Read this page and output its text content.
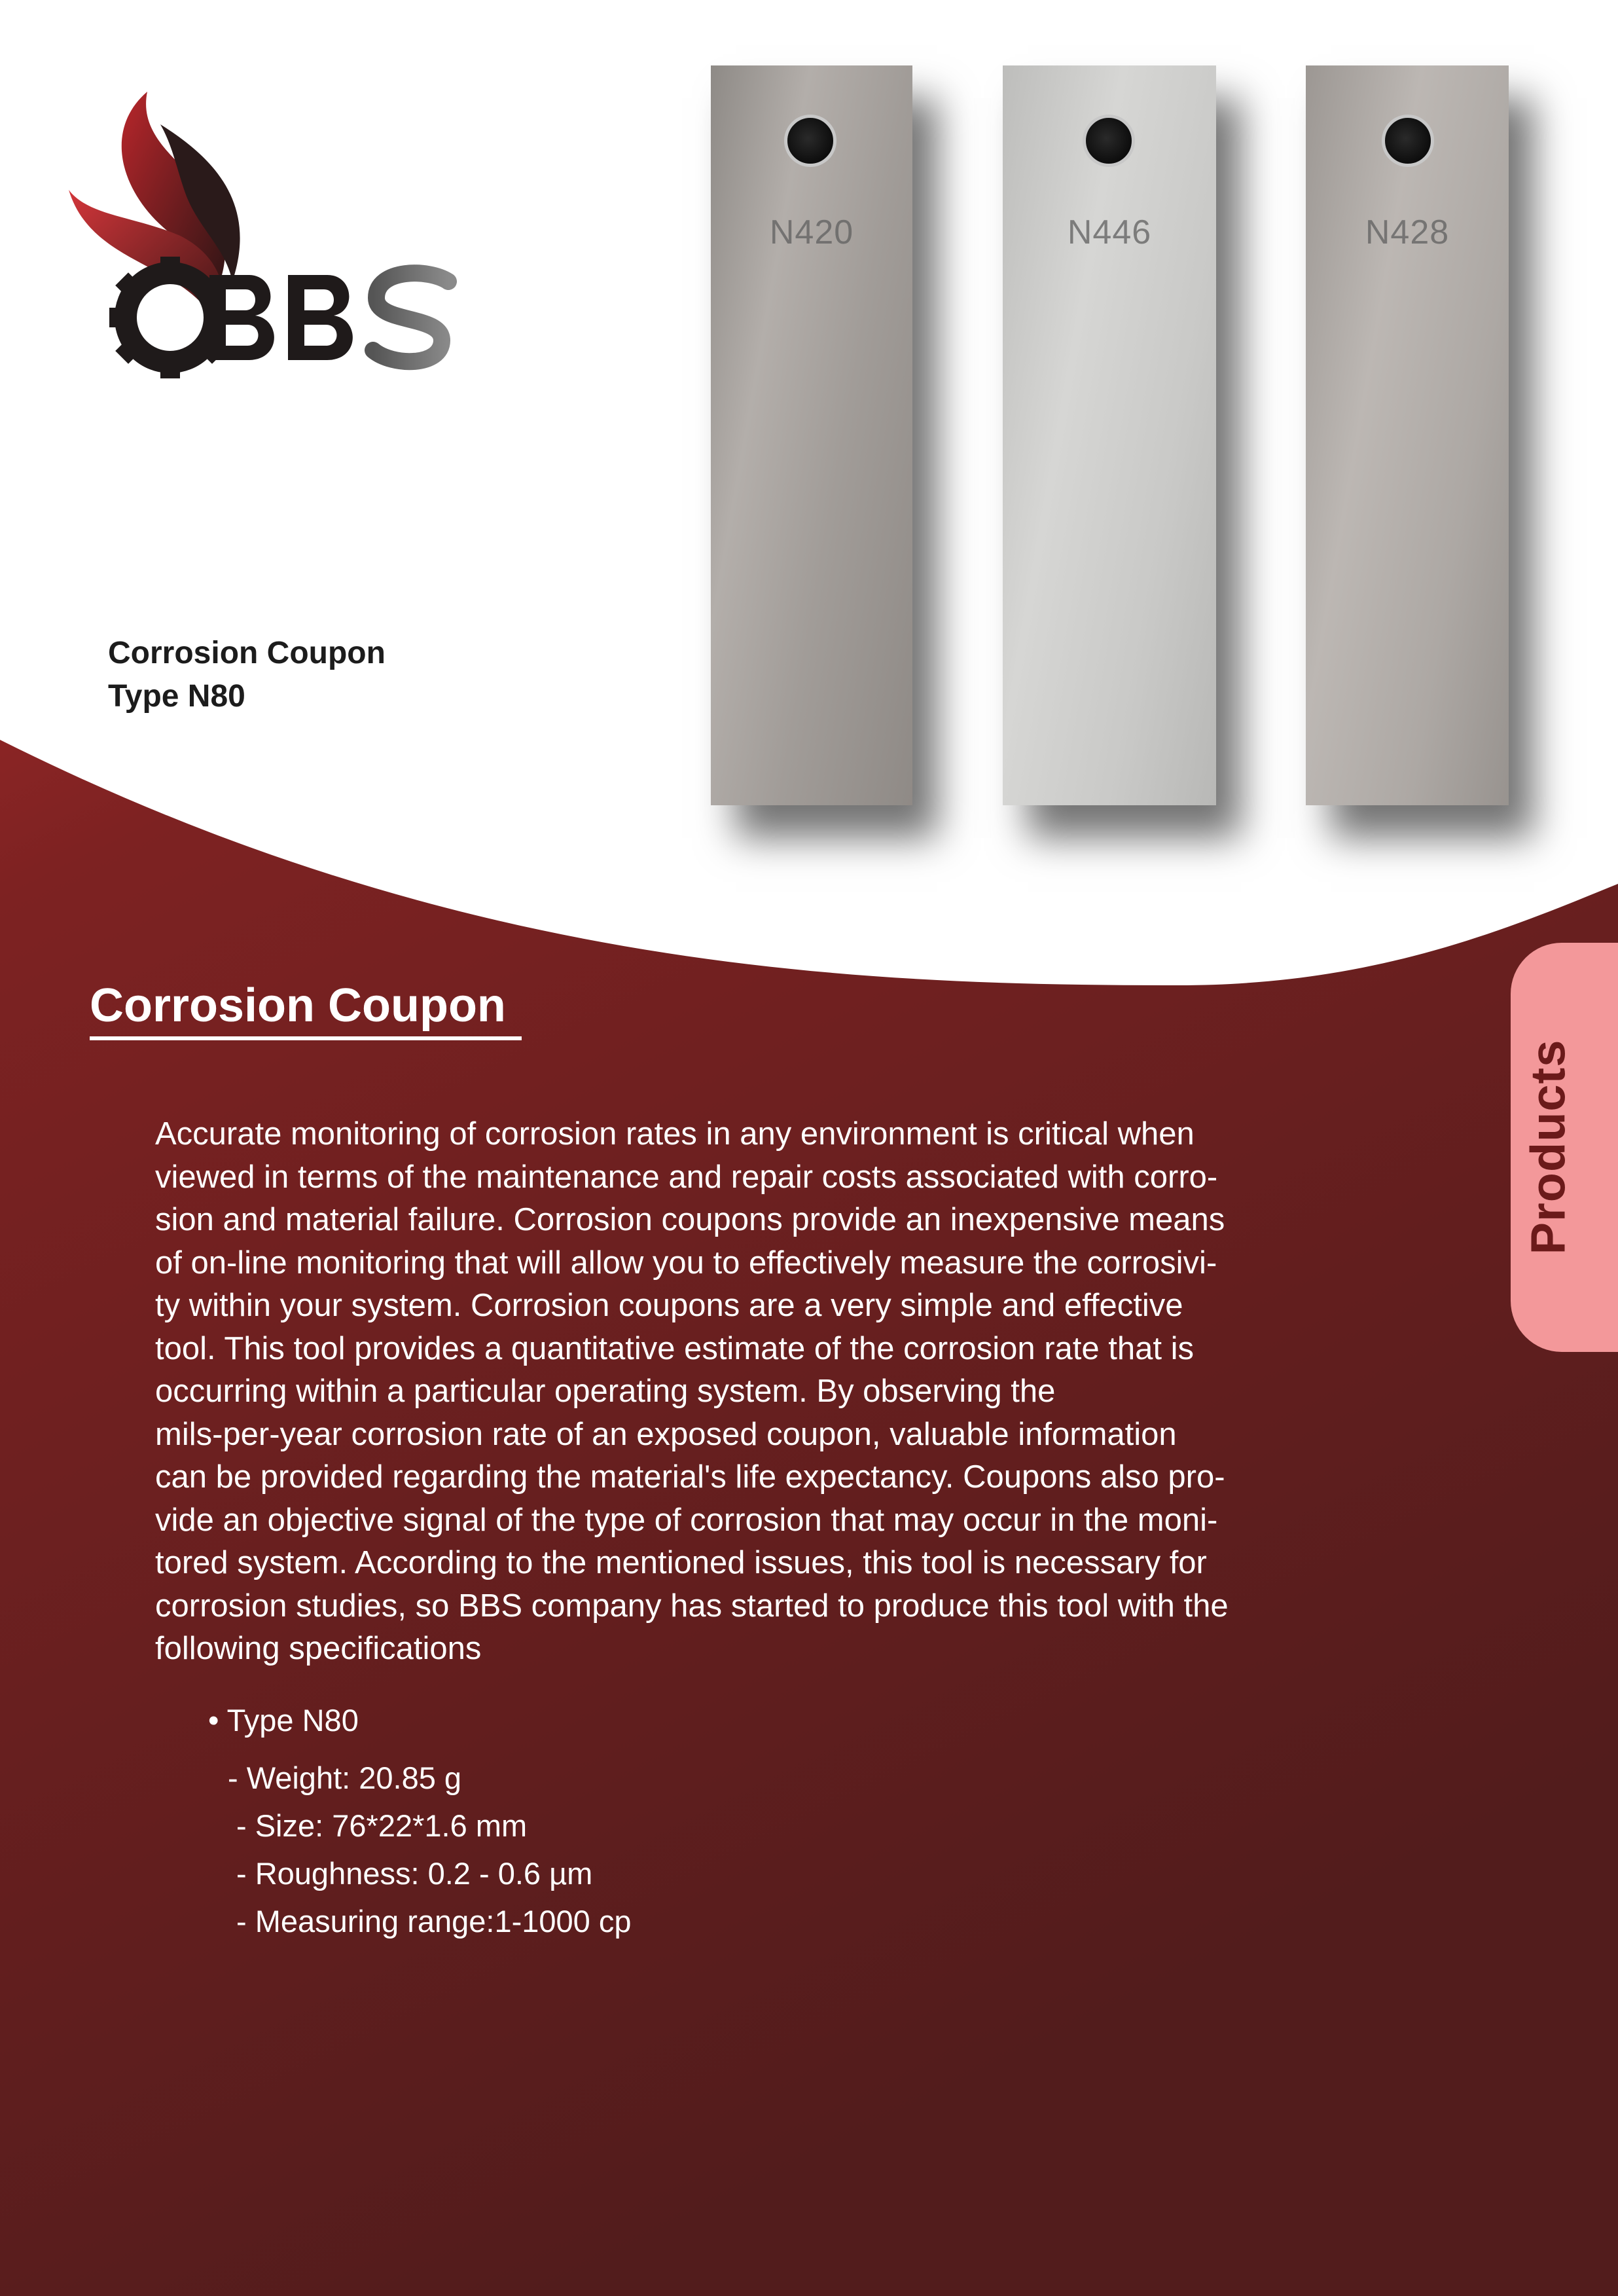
Corrosion Coupon
Type N80
N420	N446	N428
Products
Corrosion Coupon
Accurate monitoring of corrosion rates in any environment is critical when
viewed in terms of the maintenance and repair costs associated with corro-
sion and material failure. Corrosion coupons provide an inexpensive means
of on-line monitoring that will allow you to effectively measure the corrosivi-
ty within your system. Corrosion coupons are a very simple and effective
tool. This tool provides a quantitative estimate of the corrosion rate that is
occurring within a particular operating system. By observing the
mils-per-year corrosion rate of an exposed coupon, valuable information
can be provided regarding the material's life expectancy. Coupons also pro-
vide an objective signal of the type of corrosion that may occur in the moni-
tored system. According to the mentioned issues, this tool is necessary for
corrosion studies, so BBS company has started to produce this tool with the
following specifications
• Type N80
- Weight: 20.85 g
- Size: 76*22*1.6 mm
- Roughness: 0.2 - 0.6 µm
- Measuring range:1-1000 cp
